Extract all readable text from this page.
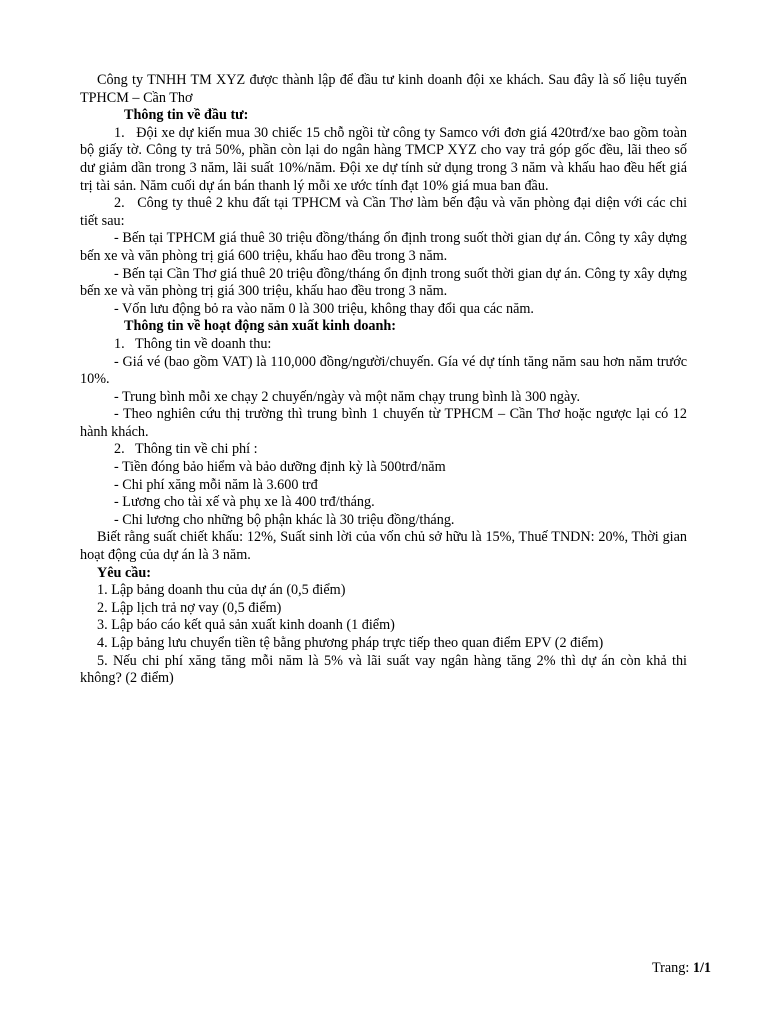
Công ty TNHH TM XYZ được thành lập để đầu tư kinh doanh đội xe khách. Sau đây là số liệu tuyến TPHCM – Cần Thơ

Thông tin về đầu tư:

1. Đội xe dự kiến mua 30 chiếc 15 chỗ ngồi từ công ty Samco với đơn giá 420trđ/xe bao gồm toàn bộ giấy tờ. Công ty trả 50%, phần còn lại do ngân hàng TMCP XYZ cho vay trả góp gốc đều, lãi theo số dư giảm dần trong 3 năm, lãi suất 10%/năm. Đội xe dự tính sử dụng trong 3 năm và khấu hao đều hết giá trị tài sản. Năm cuối dự án bán thanh lý mỗi xe ước tính đạt 10% giá mua ban đầu.

2. Công ty thuê 2 khu đất tại TPHCM và Cần Thơ làm bến đậu và văn phòng đại diện với các chi tiết sau:

- Bến tại TPHCM giá thuê 30 triệu đồng/tháng ổn định trong suốt thời gian dự án. Công ty xây dựng bến xe và văn phòng trị giá 600 triệu, khấu hao đều trong 3 năm.

- Bến tại Cần Thơ giá thuê 20 triệu đồng/tháng ổn định trong suốt thời gian dự án. Công ty xây dựng bến xe và văn phòng trị giá 300 triệu, khấu hao đều trong 3 năm.

- Vốn lưu động bỏ ra vào năm 0 là 300 triệu, không thay đổi qua các năm.

Thông tin về hoạt động sản xuất kinh doanh:

1. Thông tin về doanh thu:

- Giá vé (bao gồm VAT) là 110,000 đồng/người/chuyến. Gía vé dự tính tăng năm sau hơn năm trước 10%.

- Trung bình mỗi xe chạy 2 chuyến/ngày và một năm chạy trung bình là 300 ngày.

- Theo nghiên cứu thị trường thì trung bình 1 chuyến từ TPHCM – Cần Thơ hoặc ngược lại có 12 hành khách.

2. Thông tin về chi phí :

- Tiền đóng bảo hiểm và bảo dưỡng định kỳ là 500trđ/năm

- Chi phí xăng mỗi năm là 3.600 trđ

- Lương cho tài xế và phụ xe là 400 trđ/tháng.

- Chi lương cho những bộ phận khác là 30 triệu đồng/tháng.

Biết rằng suất chiết khấu: 12%, Suất sinh lời của vốn chủ sở hữu là 15%, Thuế TNDN: 20%, Thời gian hoạt động của dự án là 3 năm.

Yêu cầu:

1. Lập bảng doanh thu của dự án (0,5 điểm)

2. Lập lịch trả nợ vay (0,5 điểm)

3. Lập báo cáo kết quả sản xuất kinh doanh (1 điểm)

4. Lập bảng lưu chuyển tiền tệ bằng phương pháp trực tiếp theo quan điểm EPV (2 điểm)

5. Nếu chi phí xăng tăng mỗi năm là 5% và lãi suất vay ngân hàng tăng 2% thì dự án còn khả thi không? (2 điểm)

Trang: 1/1
